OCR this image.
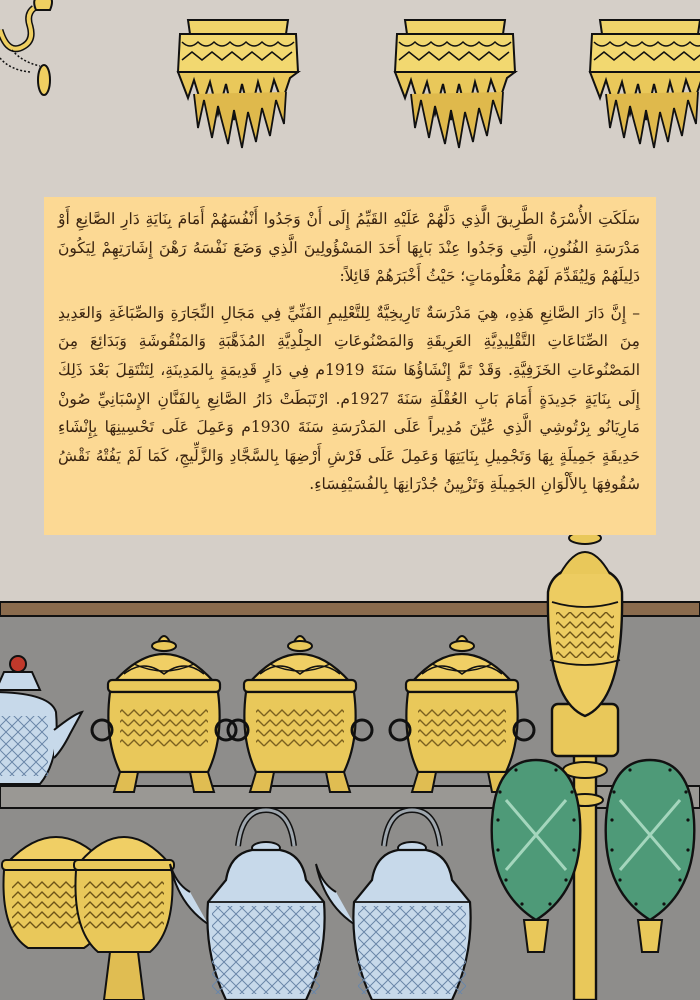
سَلَكَتِ الأُسْرَةُ الطَّرِيقَ الَّذِي دَلَّهُمْ عَلَيْهِ القَيِّمُ إِلَى أَنْ وَجَدُوا أَنْفُسَهُمْ أَمَامَ بِنَايَةِ دَارِ الصَّانِعِ أَوْ مَدْرَسَةِ الفُنُونِ، الَّتِي وَجَدُوا عِنْدَ بَابِهَا أَحَدَ المَسْؤُولِينَ الَّذِي وَضَعَ نَفْسَهُ رَهْنَ إِشَارَتِهِمْ لِيَكُونَ دَلِيلَهُمْ وَلِيُقَدِّمَ لَهُمْ مَعْلُومَاتٍ؛ حَيْثُ أَخْبَرَهُمْ قَائِلاً:

– إِنَّ دَارَ الصَّانِعِ هَذِهِ، هِيَ مَدْرَسَةٌ تَارِيخِيَّةٌ لِلتَّعْلِيمِ الفَنِّيِّ فِي مَجَالِ النِّجَارَةِ وَالصِّبَاغَةِ وَالعَدِيدِ مِنَ الصِّنَاعَاتِ التَّقْلِيدِيَّةِ العَرِيقَةِ وَالمَصْنُوعَاتِ الجِلْدِيَّةِ المُذَهَّبَةِ وَالمَنْقُوشَةِ وَبَدَائِعَ مِنَ المَصْنُوعَاتِ الخَزَفِيَّةِ. وَقَدْ تَمَّ إِنْشَاؤُهَا سَنَةَ 1919م فِي دَارٍ قَدِيمَةٍ بِالمَدِينَةِ، لِتَنْتَقِلَ بَعْدَ ذَلِكَ إِلَى بِنَايَةٍ جَدِيدَةٍ أَمَامَ بَابِ العُقْلَةِ سَنَةَ 1927م. ارْتَبَطَتْ دَارُ الصَّانِعِ بِالفَنَّانِ الإِسْبَانِيِّ صُونْ مَارِيَانُو بِرْتُوشِي الَّذِي عُيِّنَ مُدِيراً عَلَى المَدْرَسَةِ سَنَةَ 1930م وَعَمِلَ عَلَى تَحْسِينِهَا بِإِنْشَاءِ حَدِيقَةٍ جَمِيلَةٍ بِهَا وَتَجْمِيلِ بِنَايَتِهَا وَعَمِلَ عَلَى فَرْشِ أَرْضِهَا بِالسَّجَّادِ وَالزَّلِّيجِ، كَمَا لَمْ يَفُتْهُ نَقْشُ سُقُوفِهَا بِالأَلْوَانِ الجَمِيلَةِ وَتَزْيِينُ جُدْرَانِهَا بِالفُسَيْفِسَاءِ.
